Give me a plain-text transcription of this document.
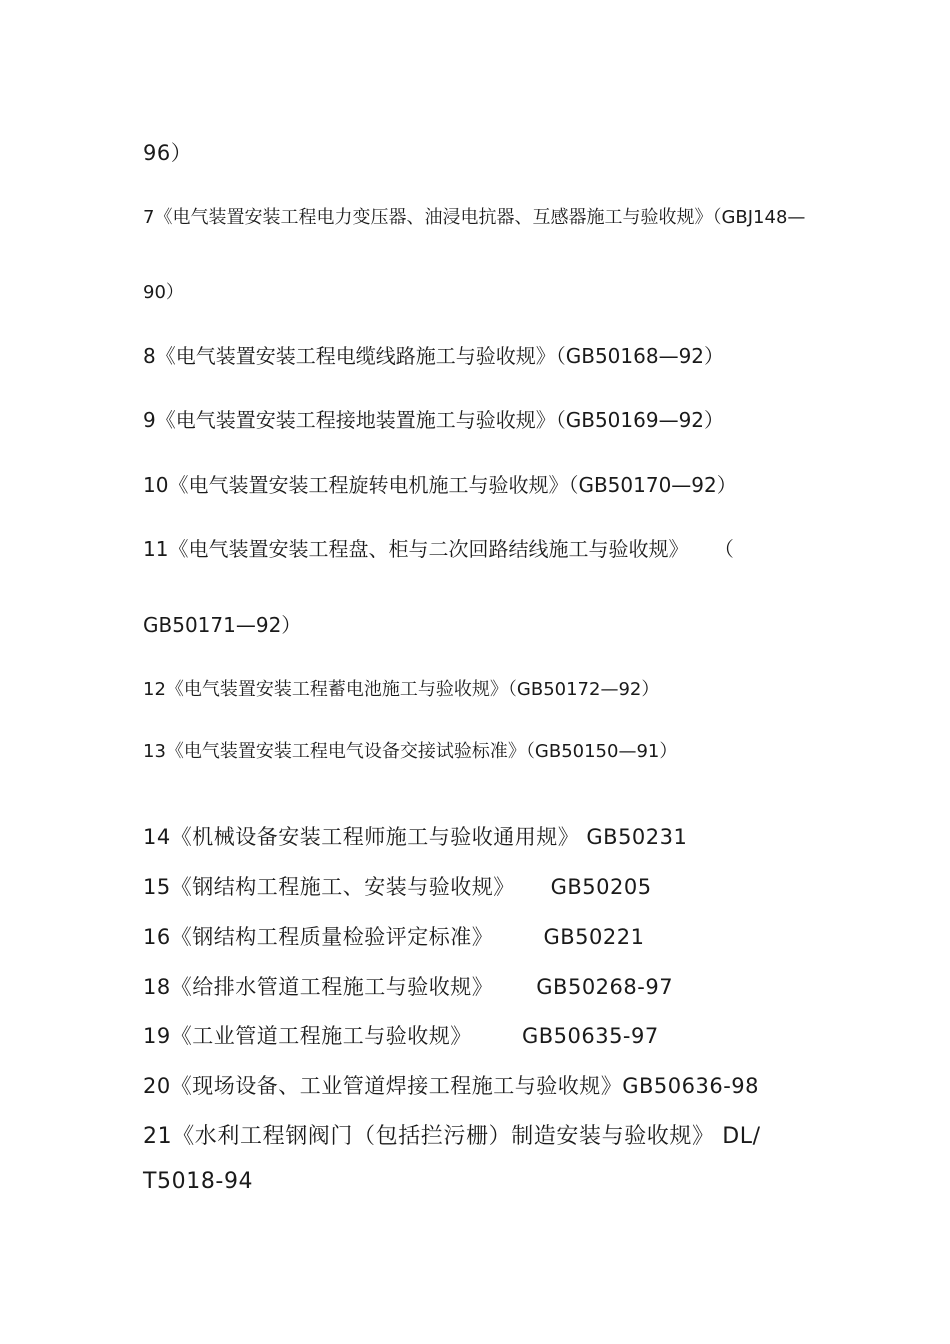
96）
7《电气装置安装工程电力变压器、油浸电抗器、互感器施工与验收规》（GBJ148—
90）
8《电气装置安装工程电缆线路施工与验收规》（GB50168—92）
9《电气装置安装工程接地装置施工与验收规》（GB50169—92）
10《电气装置安装工程旋转电机施工与验收规》（GB50170—92）
11《电气装置安装工程盘、柜与二次回路结线施工与验收规》    （
GB50171—92）
12《电气装置安装工程蓄电池施工与验收规》（GB50172—92）
13《电气装置安装工程电气设备交接试验标准》（GB50150—91）
14《机械设备安装工程师施工与验收通用规》 GB50231
15《钢结构工程施工、安装与验收规》     GB50205
16《钢结构工程质量检验评定标准》       GB50221
18《给排水管道工程施工与验收规》      GB50268-97
19《工业管道工程施工与验收规》       GB50635-97
20《现场设备、工业管道焊接工程施工与验收规》GB50636-98
21《水利工程钢阀门（包括拦污栅）制造安装与验收规》 DL/
T5018-94
